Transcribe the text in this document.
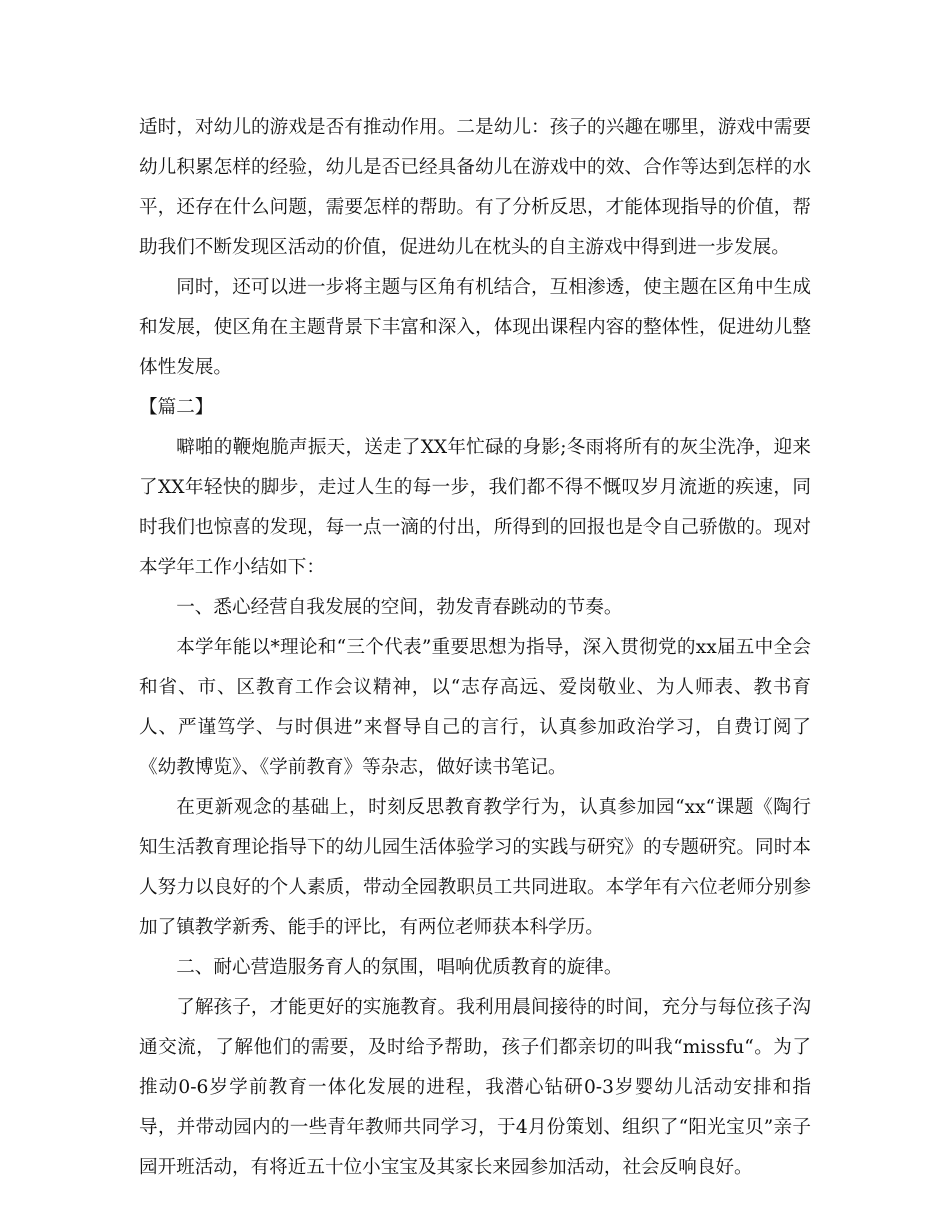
适时，对幼儿的游戏是否有推动作用。二是幼儿：孩子的兴趣在哪里，游戏中需要幼儿积累怎样的经验，幼儿是否已经具备幼儿在游戏中的效、合作等达到怎样的水平，还存在什么问题，需要怎样的帮助。有了分析反思，才能体现指导的价值，帮助我们不断发现区活动的价值，促进幼儿在枕头的自主游戏中得到进一步发展。

同时，还可以进一步将主题与区角有机结合，互相渗透，使主题在区角中生成和发展，使区角在主题背景下丰富和深入，体现出课程内容的整体性，促进幼儿整体性发展。

【篇二】

噼啪的鞭炮脆声振天，送走了XX年忙碌的身影;冬雨将所有的灰尘洗净，迎来了XX年轻快的脚步，走过人生的每一步，我们都不得不慨叹岁月流逝的疾速，同时我们也惊喜的发现，每一点一滴的付出，所得到的回报也是令自己骄傲的。现对本学年工作小结如下：

一、悉心经营自我发展的空间，勃发青春跳动的节奏。

本学年能以*理论和“三个代表”重要思想为指导，深入贯彻党的xx届五中全会和省、市、区教育工作会议精神，以“志存高远、爱岗敬业、为人师表、教书育人、严谨笃学、与时俱进”来督导自己的言行，认真参加政治学习，自费订阅了《幼教博览》、《学前教育》等杂志，做好读书笔记。

在更新观念的基础上，时刻反思教育教学行为，认真参加园“xx“课题《陶行知生活教育理论指导下的幼儿园生活体验学习的实践与研究》的专题研究。同时本人努力以良好的个人素质，带动全园教职员工共同进取。本学年有六位老师分别参加了镇教学新秀、能手的评比，有两位老师获本科学历。

二、耐心营造服务育人的氛围，唱响优质教育的旋律。

了解孩子，才能更好的实施教育。我利用晨间接待的时间，充分与每位孩子沟通交流，了解他们的需要，及时给予帮助，孩子们都亲切的叫我“missfu“。为了推动0-6岁学前教育一体化发展的进程，我潜心钻研0-3岁婴幼儿活动安排和指导，并带动园内的一些青年教师共同学习，于4月份策划、组织了“阳光宝贝”亲子园开班活动，有将近五十位小宝宝及其家长来园参加活动，社会反响良好。
